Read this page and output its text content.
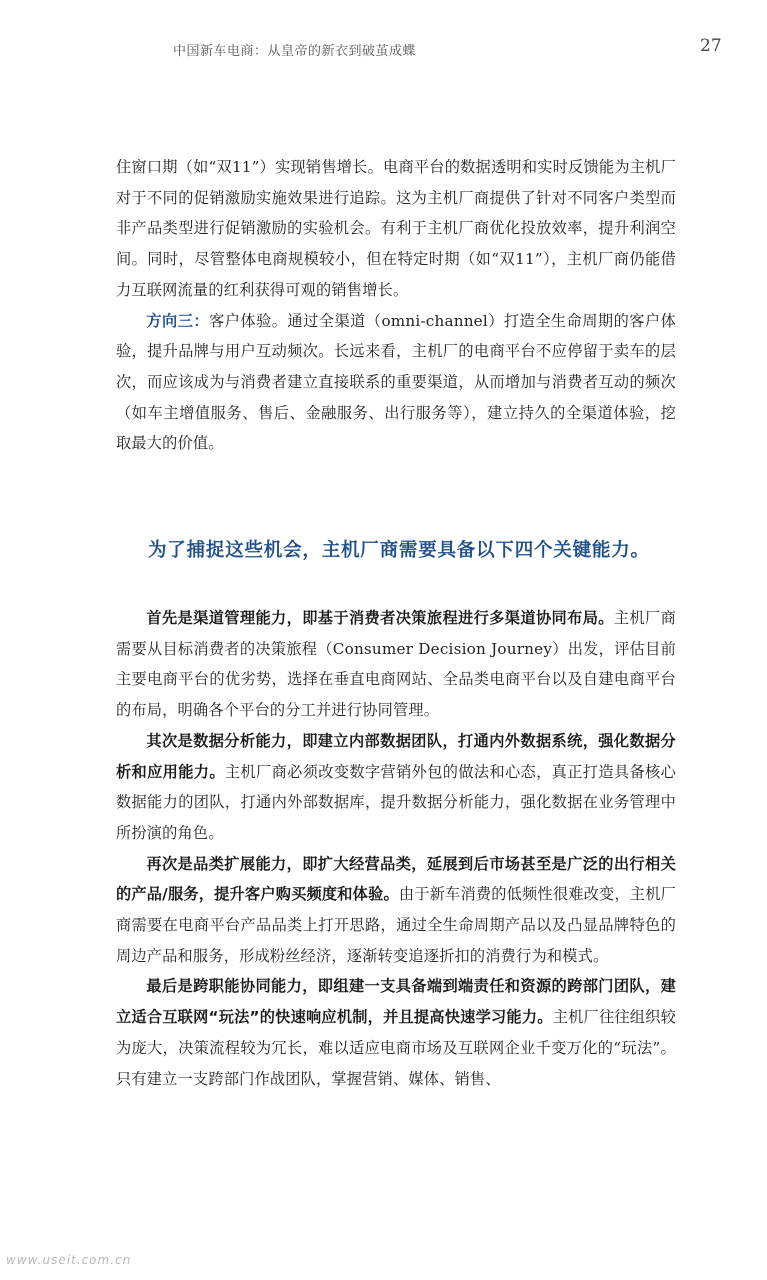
中国新车电商：从皇帝的新衣到破茧成蝶	27

住窗口期（如“双11”）实现销售增长。电商平台的数据透明和实时反馈能为主机厂对于不同的促销激励实施效果进行追踪。这为主机厂商提供了针对不同客户类型而非产品类型进行促销激励的实验机会。有利于主机厂商优化投放效率，提升利润空间。同时，尽管整体电商规模较小，但在特定时期（如“双11”），主机厂商仍能借力互联网流量的红利获得可观的销售增长。

方向三：客户体验。通过全渠道（omni-channel）打造全生命周期的客户体验，提升品牌与用户互动频次。长远来看，主机厂的电商平台不应停留于卖车的层次，而应该成为与消费者建立直接联系的重要渠道，从而增加与消费者互动的频次（如车主增值服务、售后、金融服务、出行服务等），建立持久的全渠道体验，挖取最大的价值。

为了捕捉这些机会，主机厂商需要具备以下四个关键能力。

首先是渠道管理能力，即基于消费者决策旅程进行多渠道协同布局。主机厂商需要从目标消费者的决策旅程（Consumer Decision Journey）出发，评估目前主要电商平台的优劣势，选择在垂直电商网站、全品类电商平台以及自建电商平台的布局，明确各个平台的分工并进行协同管理。

其次是数据分析能力，即建立内部数据团队，打通内外数据系统，强化数据分析和应用能力。主机厂商必须改变数字营销外包的做法和心态，真正打造具备核心数据能力的团队，打通内外部数据库，提升数据分析能力，强化数据在业务管理中所扮演的角色。

再次是品类扩展能力，即扩大经营品类，延展到后市场甚至是广泛的出行相关的产品/服务，提升客户购买频度和体验。由于新车消费的低频性很难改变，主机厂商需要在电商平台产品品类上打开思路，通过全生命周期产品以及凸显品牌特色的周边产品和服务，形成粉丝经济，逐渐转变追逐折扣的消费行为和模式。

最后是跨职能协同能力，即组建一支具备端到端责任和资源的跨部门团队，建立适合互联网“玩法”的快速响应机制，并且提高快速学习能力。主机厂往往组织较为庞大，决策流程较为冗长，难以适应电商市场及互联网企业千变万化的“玩法”。只有建立一支跨部门作战团队，掌握营销、媒体、销售、

www.useit.com.cn
